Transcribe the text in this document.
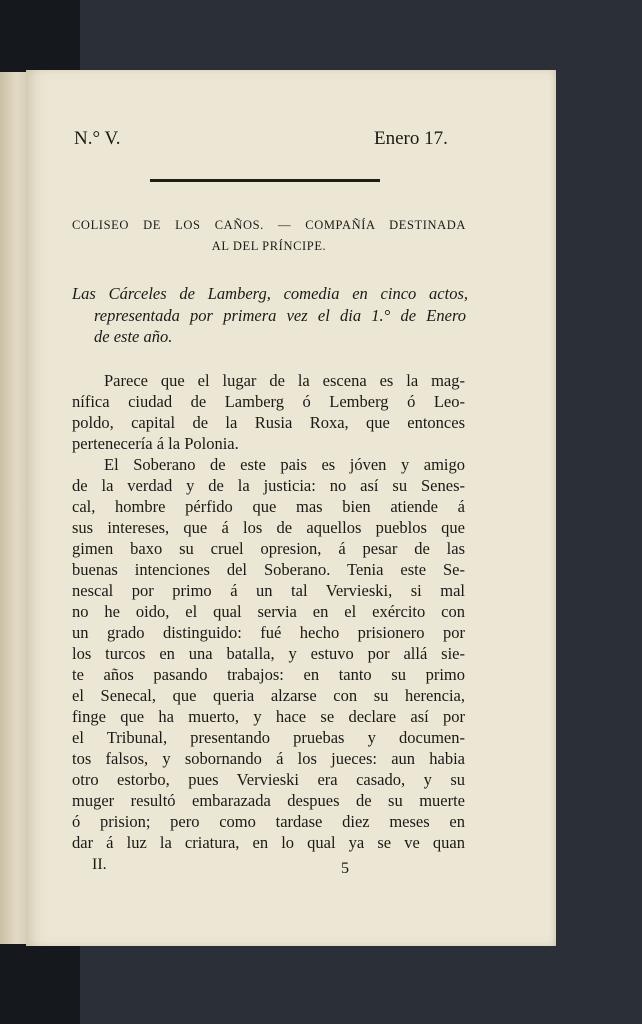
N.° V.	Enero 17.
COLISEO DE LOS CAÑOS. — COMPAÑÍA DESTINADA
AL DEL PRÍNCIPE.
Las Cárceles de Lamberg, comedia en cinco actos,
representada por primera vez el dia 1.° de Enero
de este año.
Parece que el lugar de la escena es la mag-
nífica ciudad de Lamberg ó Lemberg ó Leo-
poldo, capital de la Rusia Roxa, que entonces
pertenecería á la Polonia.
El Soberano de este pais es jóven y amigo
de la verdad y de la justicia: no así su Senes-
cal, hombre pérfido que mas bien atiende á
sus intereses, que á los de aquellos pueblos que
gimen baxo su cruel opresion, á pesar de las
buenas intenciones del Soberano. Tenia este Se-
nescal por primo á un tal Vervieski, si mal
no he oido, el qual servia en el exército con
un grado distinguido: fué hecho prisionero por
los turcos en una batalla, y estuvo por allá sie-
te años pasando trabajos: en tanto su primo
el Senecal, que queria alzarse con su herencia,
finge que ha muerto, y hace se declare así por
el Tribunal, presentando pruebas y documen-
tos falsos, y sobornando á los jueces: aun habia
otro estorbo, pues Vervieski era casado, y su
muger resultó embarazada despues de su muerte
ó prision; pero como tardase diez meses en
dar á luz la criatura, en lo qual ya se ve quan
II.	5
